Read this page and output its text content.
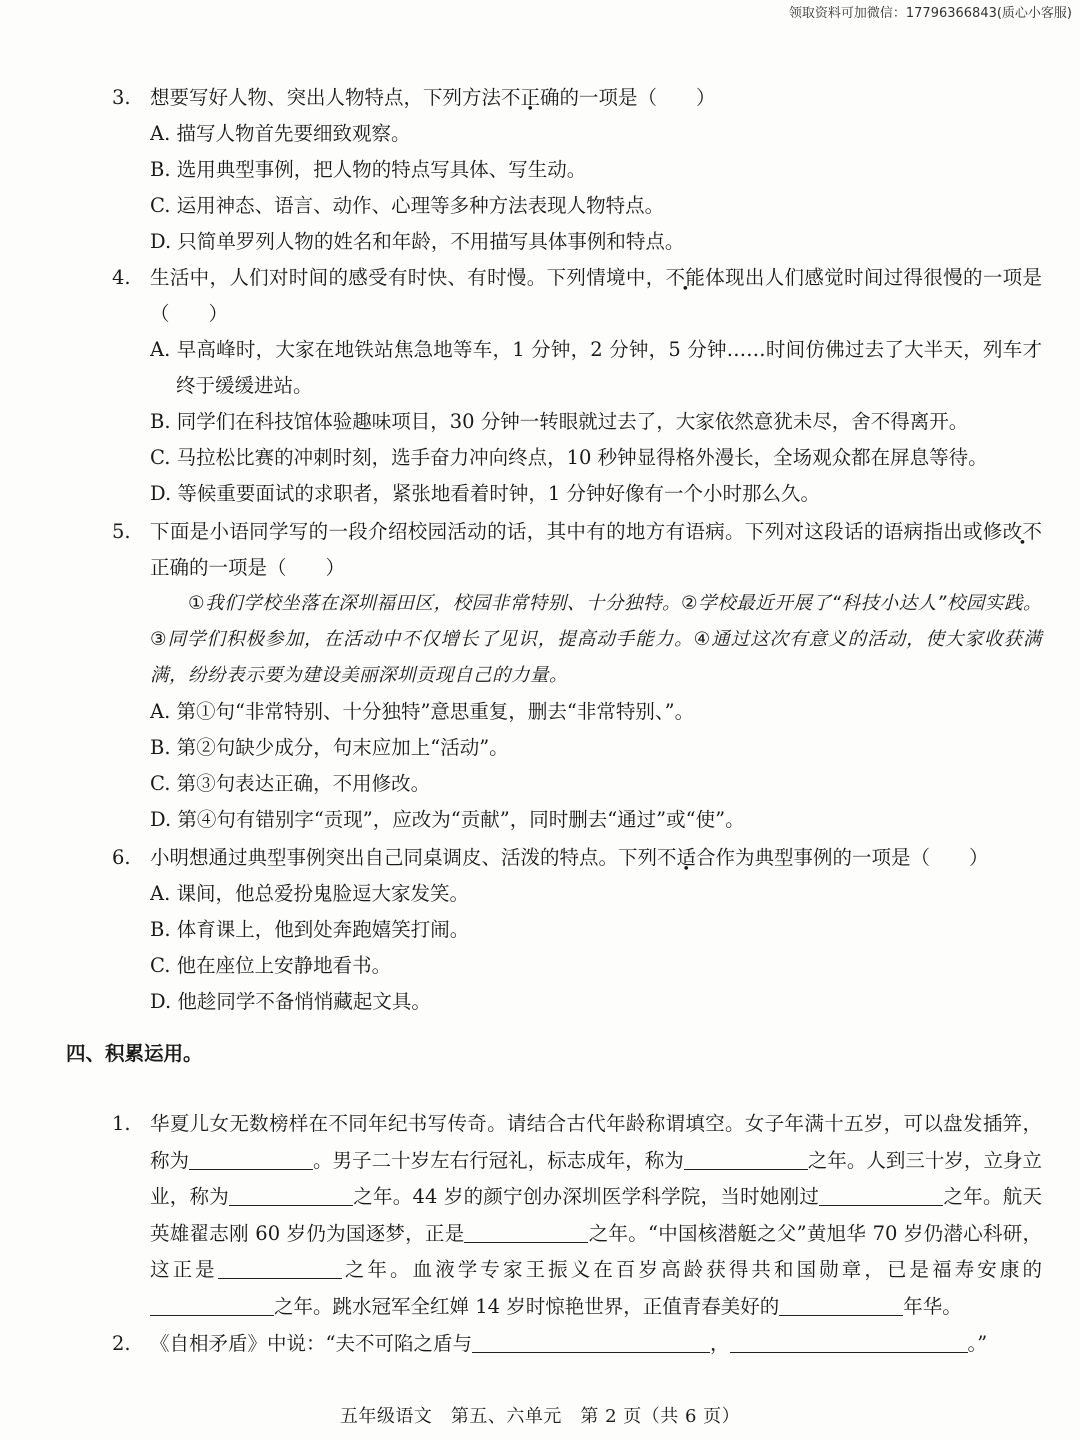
领取资料可加微信：17796366843(质心小客服)
3. 想要写好人物、突出人物特点，下列方法不正确的一项是（　　）
A. 描写人物首先要细致观察。
B. 选用典型事例，把人物的特点写具体、写生动。
C. 运用神态、语言、动作、心理等多种方法表现人物特点。
D. 只简单罗列人物的姓名和年龄，不用描写具体事例和特点。
4. 生活中，人们对时间的感受有时快、有时慢。下列情境中，不能体现出人们感觉时间过得很慢的一项是（　　）
A. 早高峰时，大家在地铁站焦急地等车，1 分钟，2 分钟，5 分钟……时间仿佛过去了大半天，列车才终于缓缓进站。
B. 同学们在科技馆体验趣味项目，30 分钟一转眼就过去了，大家依然意犹未尽，舍不得离开。
C. 马拉松比赛的冲刺时刻，选手奋力冲向终点，10 秒钟显得格外漫长，全场观众都在屏息等待。
D. 等候重要面试的求职者，紧张地看着时钟，1 分钟好像有一个小时那么久。
5. 下面是小语同学写的一段介绍校园活动的话，其中有的地方有语病。下列对这段话的语病指出或修改不正确 •的一项是（　　）
①我们学校坐落在深圳福田区，校园非常特别、十分独特。②学校最近开展了“科技小达人”校园实践。③同学们积极参加，在活动中不仅增长了见识，提高动手能力。④通过这次有意义的活动，使大家收获满满，纷纷表示要为建设美丽深圳贡现自己的力量。
A. 第①句“非常特别、十分独特”意思重复，删去“非常特别、”。
B. 第②句缺少成分，句末应加上“活动”。
C. 第③句表达正确，不用修改。
D. 第④句有错别字“贡现”，应改为“贡献”，同时删去“通过”或“使”。
6. 小明想通过典型事例突出自己同桌调皮、活泼的特点。下列不适合作为典型事例的一项是（　　）
A. 课间，他总爱扮鬼脸逗大家发笑。
B. 体育课上，他到处奔跑嬉笑打闹。
C. 他在座位上安静地看书。
D. 他趁同学不备悄悄藏起文具。
四、积累运用。
1. 华夏儿女无数榜样在不同年纪书写传奇。请结合古代年龄称谓填空。女子年满十五岁，可以盘发插笄，称为	。男子二十岁左右行冠礼，标志成年，称为	之年。人到三十岁，立身立业，称为	之年。44 岁的颜宁创办深圳医学科学院，当时她刚过	之年。航天英雄翟志刚 60 岁仍为国逐梦，正是	之年。“中国核潜艇之父”黄旭华 70 岁仍潜心科研，这正是	之年。血液学专家王振义在百岁高龄获得共和国勋章，已是福寿安康的之年。跳水冠军全红婵 14 岁时惊艳世界，正值青春美好的	年华。
2. 《自相矛盾》中说：“夫不可陷之盾与	，	。”
五年级语文　第五、六单元　第 2 页（共 6 页）
